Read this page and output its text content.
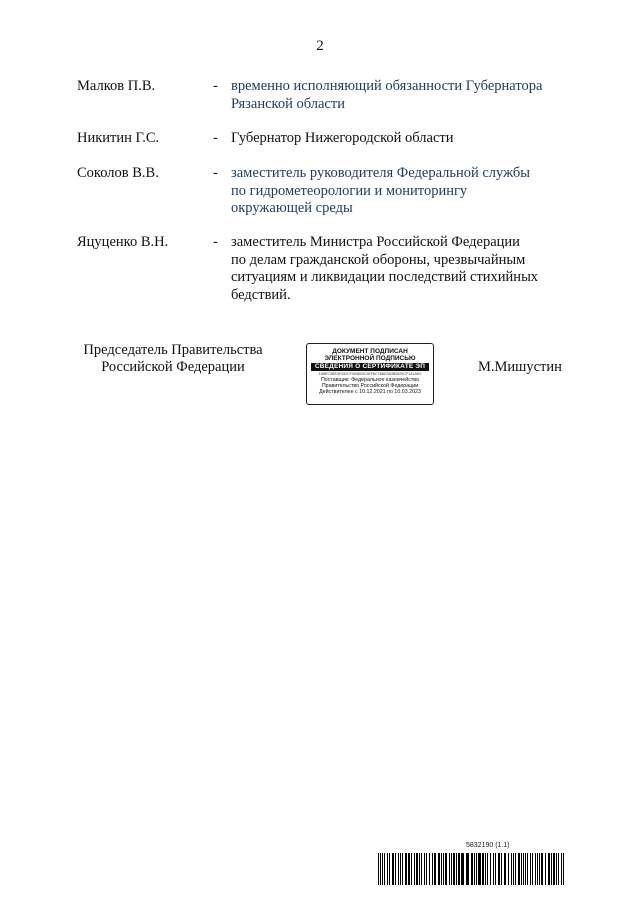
2
Малков П.В.	- временно исполняющий обязанности Губернатора
Рязанской области
Никитин Г.С.	- Губернатор Нижегородской области
Соколов В.В.	- заместитель руководителя Федеральной службы
по гидрометеорологии и мониторингу
окружающей среды
Яцуценко В.Н.	- заместитель Министра Российской Федерации
по делам гражданской обороны, чрезвычайным
ситуациям и ликвидации последствий стихийных
бедствий.
Председатель Правительства
Российской Федерации
ДОКУМЕНТ ПОДПИСАН
ЭЛЕКТРОННОЙ ПОДПИСЬЮ
СВЕДЕНИЯ О СЕРТИФИКАТЕ ЭП
1A8EC3BE3F432CF063833C2EF6C7B8D3A3B2625CF1A1AE0
Поставщик: Федеральное казначейство
Правительство Российской Федерации
Действителен с 10.12.2021 по 10.03.2023
М.Мишустин
5832190 (1.1)
